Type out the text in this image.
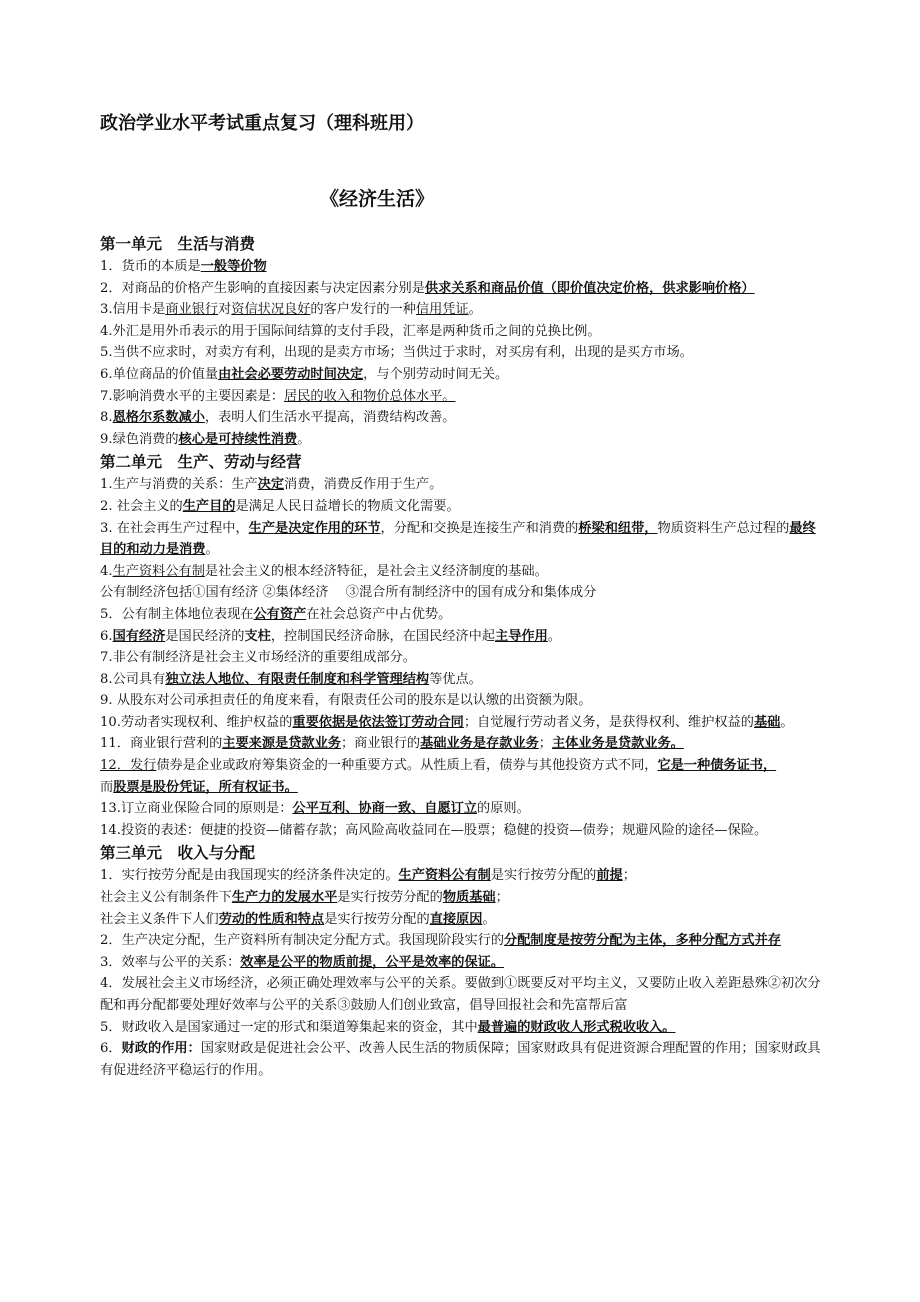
政治学业水平考试重点复习（理科班用）
《经济生活》
第一单元　生活与消费
1．货币的本质是一般等价物
2．对商品的价格产生影响的直接因素与决定因素分别是供求关系和商品价值（即价值决定价格，供求影响价格）
3.信用卡是商业银行对资信状况良好的客户发行的一种信用凭证。
4.外汇是用外币表示的用于国际间结算的支付手段，汇率是两种货币之间的兑换比例。
5.当供不应求时，对卖方有利，出现的是卖方市场；当供过于求时，对买房有利，出现的是买方市场。
6.单位商品的价值量由社会必要劳动时间决定，与个别劳动时间无关。
7.影响消费水平的主要因素是：居民的收入和物价总体水平。
8.恩格尔系数减小，表明人们生活水平提高，消费结构改善。
9.绿色消费的核心是可持续性消费。
第二单元　生产、劳动与经营
1.生产与消费的关系：生产决定消费，消费反作用于生产。
2. 社会主义的生产目的是满足人民日益增长的物质文化需要。
3. 在社会再生产过程中，生产是决定作用的环节，分配和交换是连接生产和消费的桥梁和纽带，物质资料生产总过程的最终目的和动力是消费。
4.生产资料公有制是社会主义的根本经济特征，是社会主义经济制度的基础。
公有制经济包括①国有经济 ②集体经济　 ③混合所有制经济中的国有成分和集体成分
5．公有制主体地位表现在公有资产在社会总资产中占优势。
6.国有经济是国民经济的支柱，控制国民经济命脉，在国民经济中起主导作用。
7.非公有制经济是社会主义市场经济的重要组成部分。
8.公司具有独立法人地位、有限责任制度和科学管理结构等优点。
9. 从股东对公司承担责任的角度来看，有限责任公司的股东是以认缴的出资额为限。
10.劳动者实现权利、维护权益的重要依据是依法签订劳动合同；自觉履行劳动者义务，是获得权利、维护权益的基础。
11．商业银行营利的主要来源是贷款业务；商业银行的基础业务是存款业务；主体业务是贷款业务。
12．发行债券是企业或政府筹集资金的一种重要方式。从性质上看，债券与其他投资方式不同，它是一种债务证书，
而股票是股份凭证，所有权证书。
13.订立商业保险合同的原则是：公平互利、协商一致、自愿订立的原则。
14.投资的表述：便捷的投资—储蓄存款；高风险高收益同在—股票；稳健的投资—债券；规避风险的途径—保险。
第三单元　收入与分配
1．实行按劳分配是由我国现实的经济条件决定的。生产资料公有制是实行按劳分配的前提；
社会主义公有制条件下生产力的发展水平是实行按劳分配的物质基础；
社会主义条件下人们劳动的性质和特点是实行按劳分配的直接原因。
2．生产决定分配，生产资料所有制决定分配方式。我国现阶段实行的分配制度是按劳分配为主体，多种分配方式并存
3．效率与公平的关系：效率是公平的物质前提，公平是效率的保证。
4．发展社会主义市场经济，必须正确处理效率与公平的关系。要做到①既要反对平均主义，又要防止收入差距悬殊②初次分配和再分配都要处理好效率与公平的关系③鼓励人们创业致富，倡导回报社会和先富帮后富
5．财政收入是国家通过一定的形式和渠道筹集起来的资金，其中最普遍的财政收人形式税收收入。
6．财政的作用：国家财政是促进社会公平、改善人民生活的物质保障；国家财政具有促进资源合理配置的作用；国家财政具有促进经济平稳运行的作用。
